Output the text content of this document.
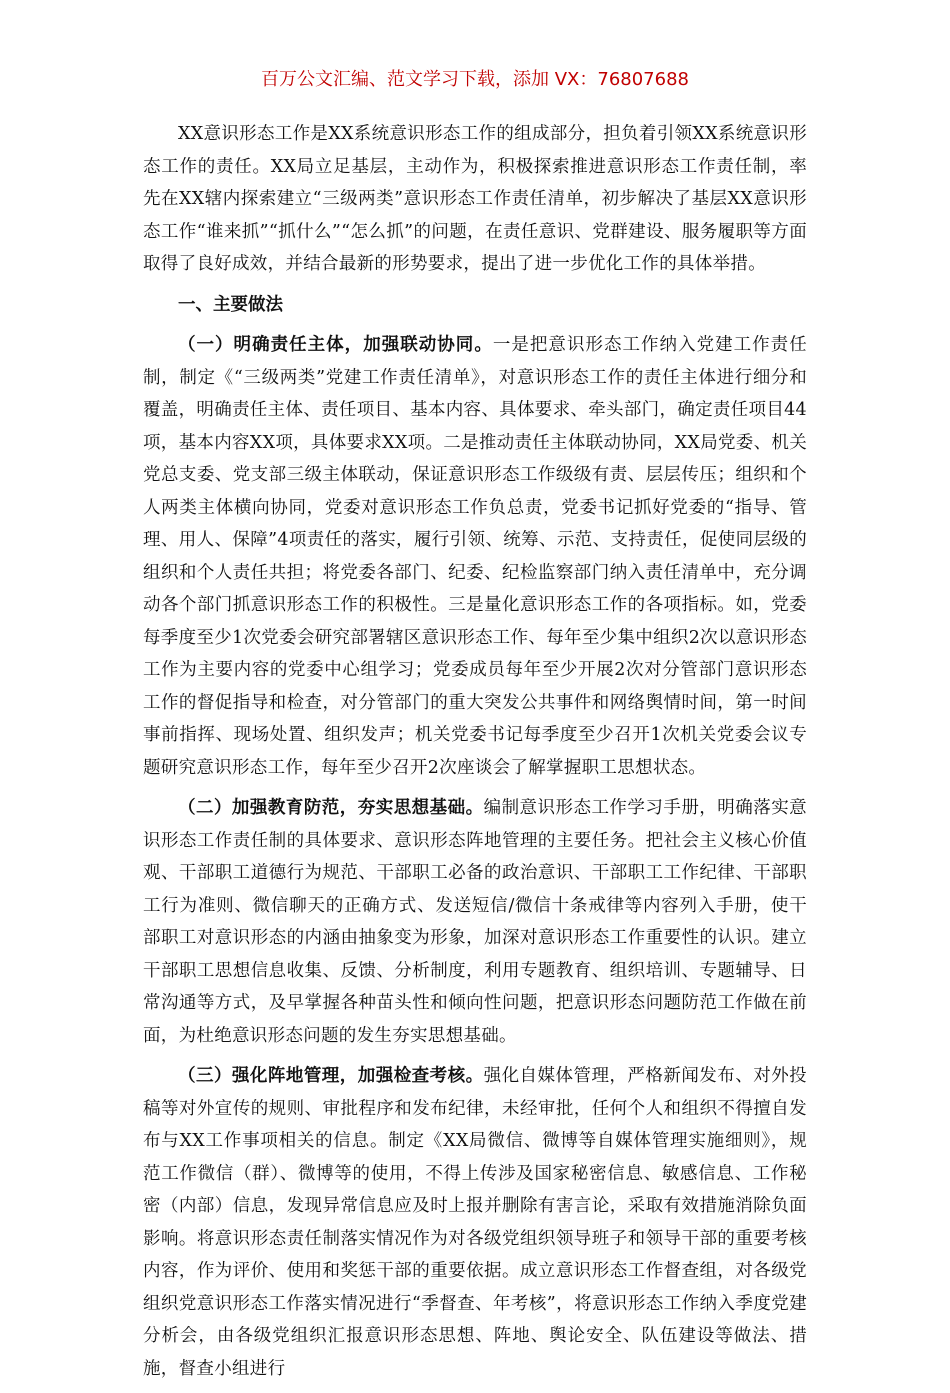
百万公文汇编、范文学习下载，添加 VX：76807688

XX意识形态工作是XX系统意识形态工作的组成部分，担负着引领XX系统意识形态工作的责任。XX局立足基层，主动作为，积极探索推进意识形态工作责任制，率先在XX辖内探索建立“三级两类”意识形态工作责任清单，初步解决了基层XX意识形态工作“谁来抓”“抓什么”“怎么抓”的问题，在责任意识、党群建设、服务履职等方面取得了良好成效，并结合最新的形势要求，提出了进一步优化工作的具体举措。

一、主要做法

（一）明确责任主体，加强联动协同。一是把意识形态工作纳入党建工作责任制，制定《“三级两类”党建工作责任清单》，对意识形态工作的责任主体进行细分和覆盖，明确责任主体、责任项目、基本内容、具体要求、牵头部门，确定责任项目44项，基本内容XX项，具体要求XX项。二是推动责任主体联动协同，XX局党委、机关党总支委、党支部三级主体联动，保证意识形态工作级级有责、层层传压；组织和个人两类主体横向协同，党委对意识形态工作负总责，党委书记抓好党委的“指导、管理、用人、保障”4项责任的落实，履行引领、统筹、示范、支持责任，促使同层级的组织和个人责任共担；将党委各部门、纪委、纪检监察部门纳入责任清单中，充分调动各个部门抓意识形态工作的积极性。三是量化意识形态工作的各项指标。如，党委每季度至少1次党委会研究部署辖区意识形态工作、每年至少集中组织2次以意识形态工作为主要内容的党委中心组学习；党委成员每年至少开展2次对分管部门意识形态工作的督促指导和检查，对分管部门的重大突发公共事件和网络舆情时间，第一时间事前指挥、现场处置、组织发声；机关党委书记每季度至少召开1次机关党委会议专题研究意识形态工作，每年至少召开2次座谈会了解掌握职工思想状态。

（二）加强教育防范，夯实思想基础。编制意识形态工作学习手册，明确落实意识形态工作责任制的具体要求、意识形态阵地管理的主要任务。把社会主义核心价值观、干部职工道德行为规范、干部职工必备的政治意识、干部职工工作纪律、干部职工行为准则、微信聊天的正确方式、发送短信/微信十条戒律等内容列入手册，使干部职工对意识形态的内涵由抽象变为形象，加深对意识形态工作重要性的认识。建立干部职工思想信息收集、反馈、分析制度，利用专题教育、组织培训、专题辅导、日常沟通等方式，及早掌握各种苗头性和倾向性问题，把意识形态问题防范工作做在前面，为杜绝意识形态问题的发生夯实思想基础。

（三）强化阵地管理，加强检查考核。强化自媒体管理，严格新闻发布、对外投稿等对外宣传的规则、审批程序和发布纪律，未经审批，任何个人和组织不得擅自发布与XX工作事项相关的信息。制定《XX局微信、微博等自媒体管理实施细则》，规范工作微信（群）、微博等的使用，不得上传涉及国家秘密信息、敏感信息、工作秘密（内部）信息，发现异常信息应及时上报并删除有害言论，采取有效措施消除负面影响。将意识形态责任制落实情况作为对各级党组织领导班子和领导干部的重要考核内容，作为评价、使用和奖惩干部的重要依据。成立意识形态工作督查组，对各级党组织党意识形态工作落实情况进行“季督查、年考核”，将意识形态工作纳入季度党建分析会，由各级党组织汇报意识形态思想、阵地、舆论安全、队伍建设等做法、措施，督查小组进行
